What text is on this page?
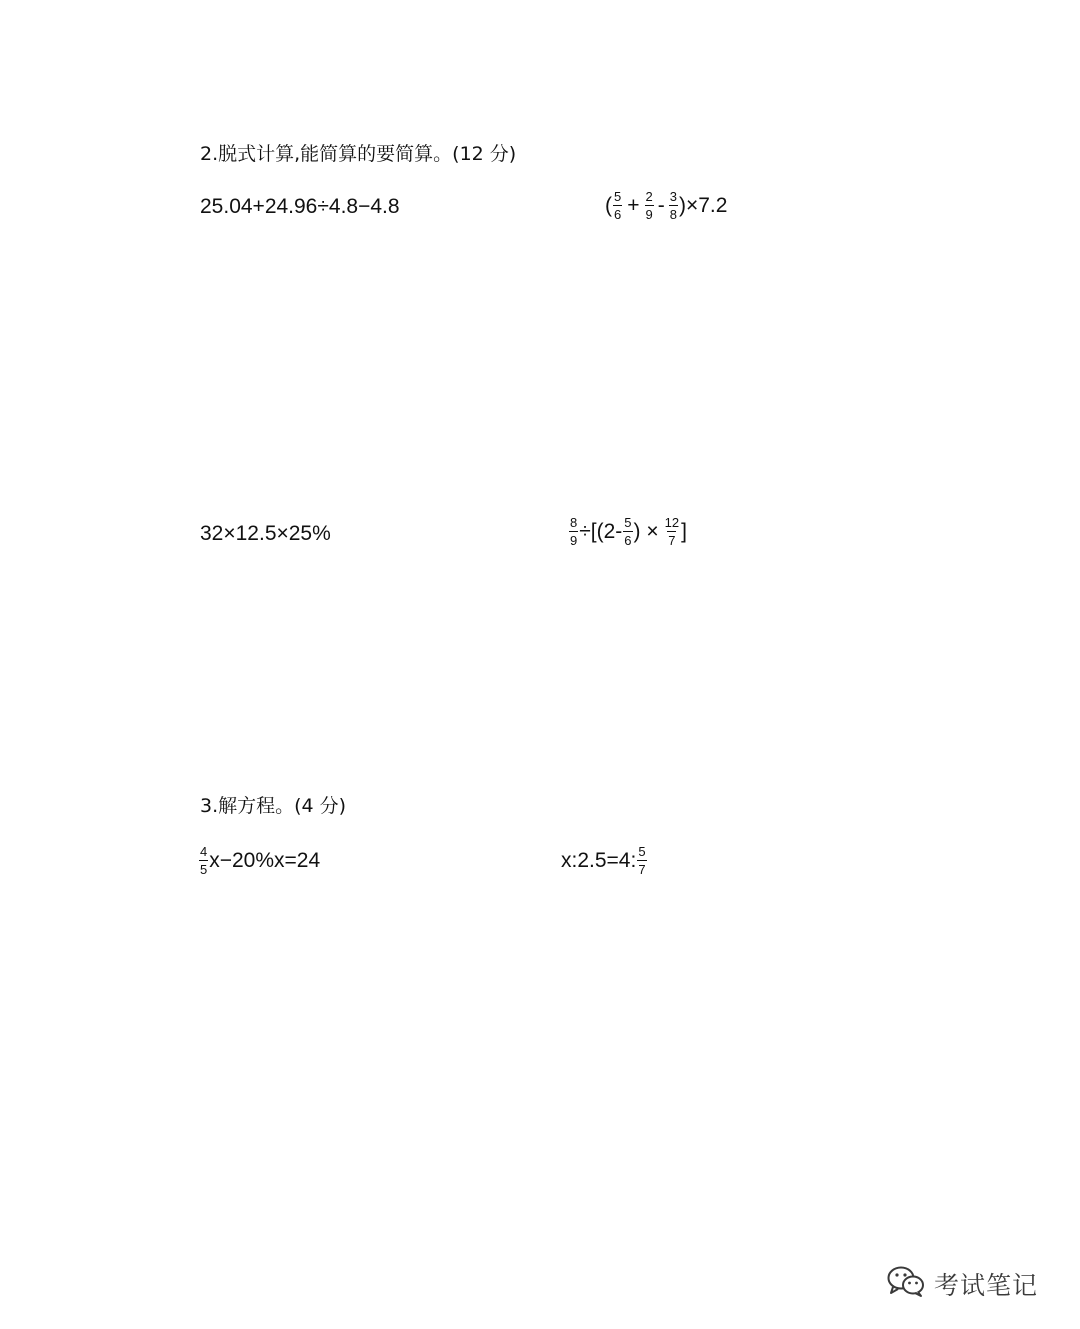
2.脱式计算,能简算的要简算。(12 分)
25.04+24.96÷4.8−4.8	( $\frac{5}{6} + \frac{2}{9} - \frac{3}{8} )\times 7.2$
32×12.5×25%	$\frac{8}{9} \div[(2- \frac{5}{6}$ ) × $\frac{12}{7}$ ]
3.解方程。(4 分)
$\frac{4}{5} x-20\%x=24$	x:2.5=4: $\frac{5}{7}$
考试笔记
